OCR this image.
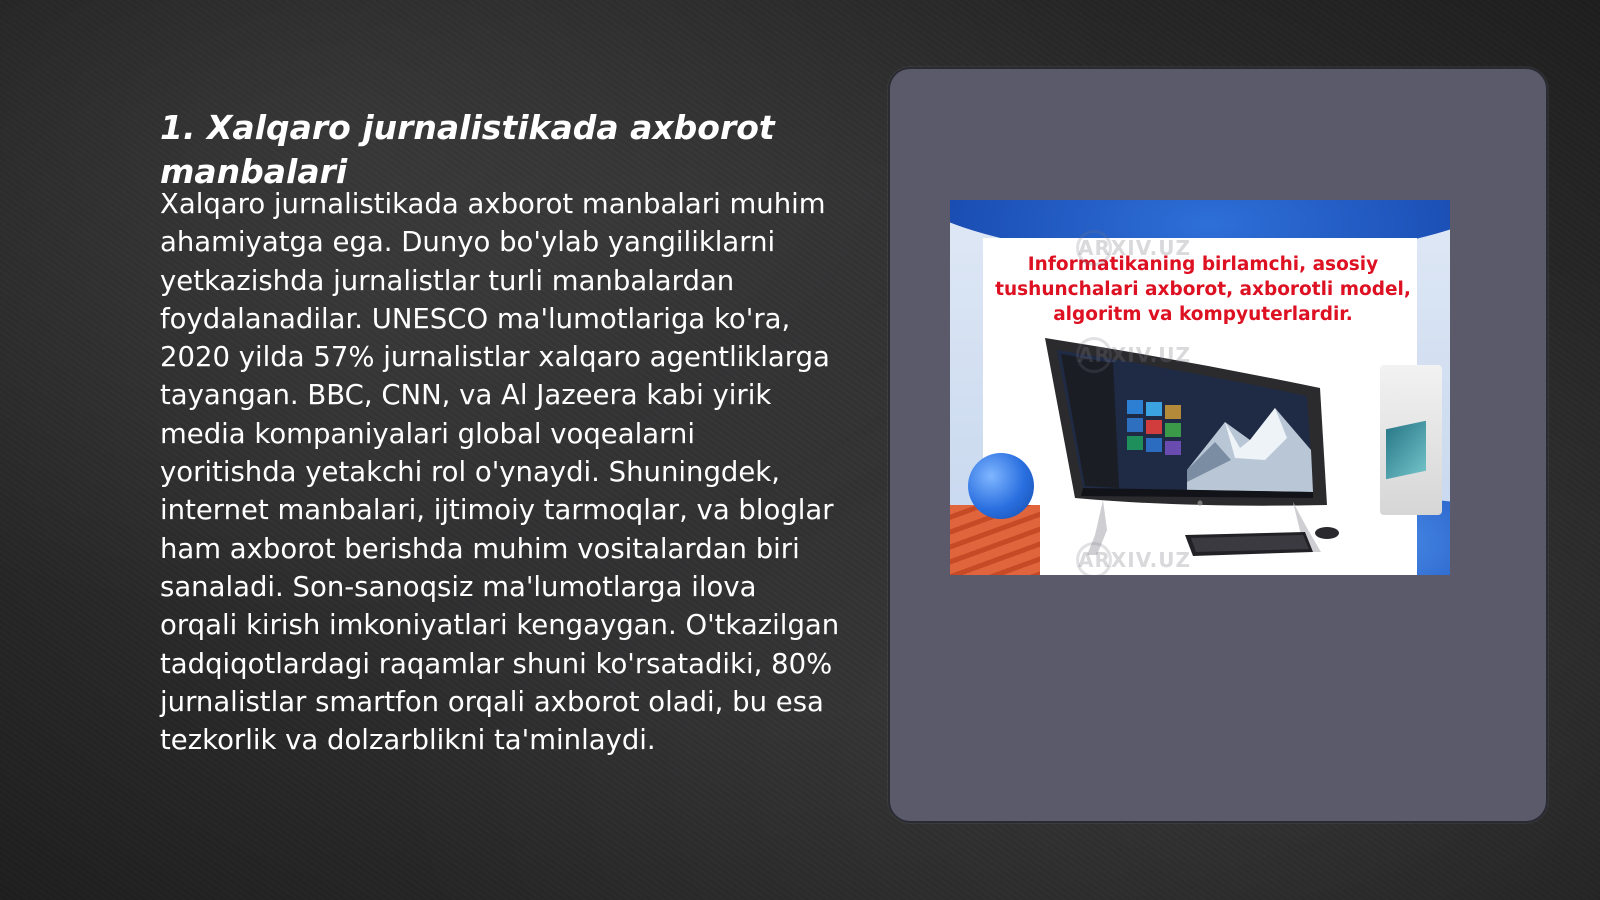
1. Xalqaro jurnalistikada axborot manbalari

Xalqaro jurnalistikada axborot manbalari muhim ahamiyatga ega. Dunyo bo'ylab yangiliklarni yetkazishda jurnalistlar turli manbalardan foydalanadilar. UNESCO ma'lumotlariga ko'ra, 2020 yilda 57% jurnalistlar xalqaro agentliklarga tayangan. BBC, CNN, va Al Jazeera kabi yirik media kompaniyalari global voqealarni yoritishda yetakchi rol o'ynaydi. Shuningdek, internet manbalari, ijtimoiy tarmoqlar, va bloglar ham axborot berishda muhim vositalardan biri sanaladi. Son-sanoqsiz ma'lumotlarga ilova orqali kirish imkoniyatlari kengaygan. O'tkazilgan tadqiqotlardagi raqamlar shuni ko'rsatadiki, 80% jurnalistlar smartfon orqali axborot oladi, bu esa tezkorlik va dolzarblikni ta'minlaydi.

ARXIV.UZ
ARXIV.UZ
ARXIV.UZ

Informatikaning birlamchi, asosiy tushunchalari axborot, axborotli model, algoritm va kompyuterlardir.
